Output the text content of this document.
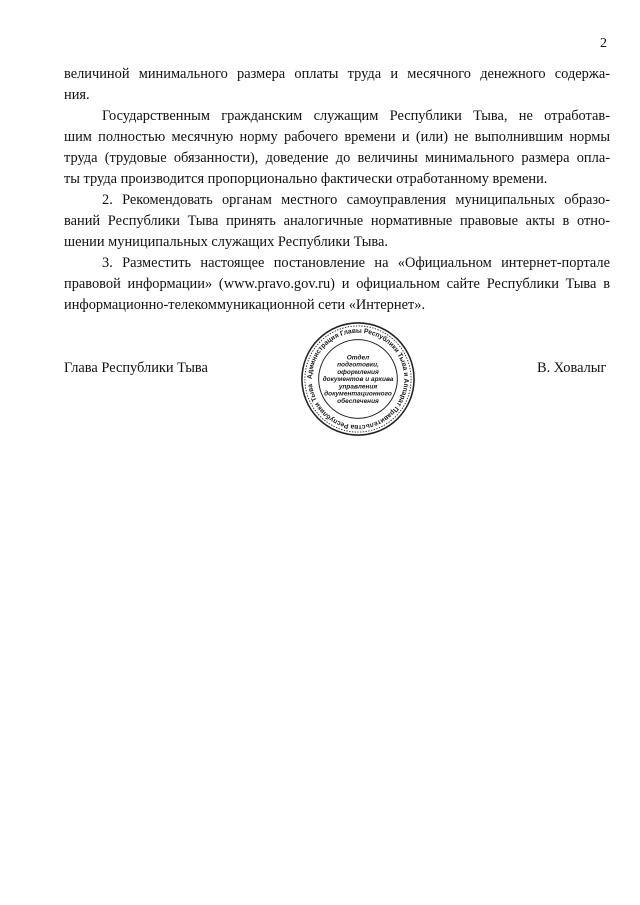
2

величиной минимального размера оплаты труда и месячного денежного содержа-
ния.

Государственным гражданским служащим Республики Тыва, не отработав-
шим полностью месячную норму рабочего времени и (или) не выполнившим нормы
труда (трудовые обязанности), доведение до величины минимального размера опла-
ты труда производится пропорционально фактически отработанному времени.

2. Рекомендовать органам местного самоуправления муниципальных образо-
ваний Республики Тыва принять аналогичные нормативные правовые акты в отно-
шении муниципальных служащих Республики Тыва.

3. Разместить настоящее постановление на «Официальном интернет-портале
правовой информации» (www.pravo.gov.ru) и официальном сайте Республики Тыва в
информационно-телекоммуникационной сети «Интернет».

Глава Республики Тыва	В. Ховалыг
Администрация Главы Республики Тыва и Аппарат Правительства Республики Тыва
Отдел
подготовки,
оформления
документов и архива
управления
документационного
обеспечения
